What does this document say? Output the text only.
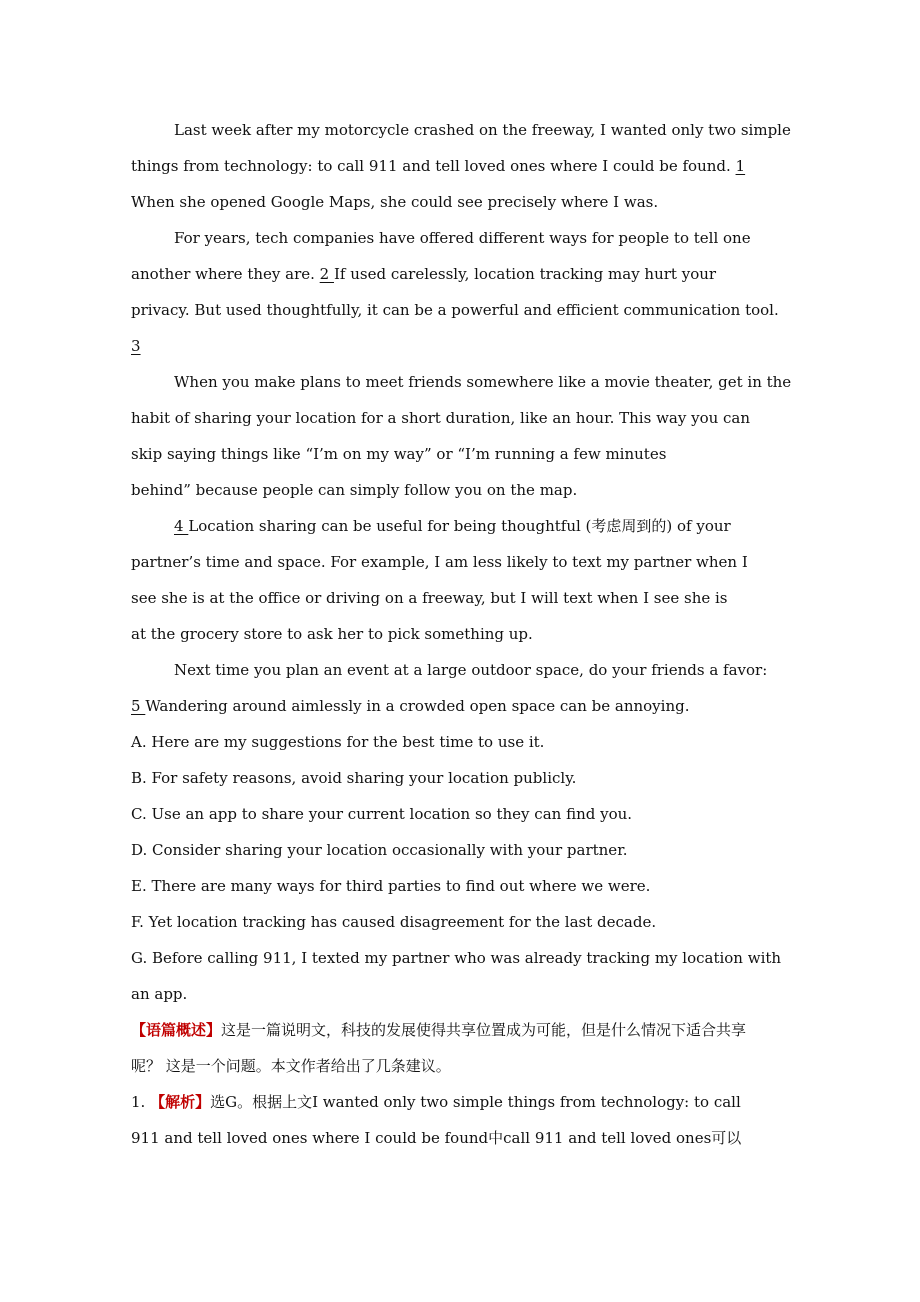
Last week after my motorcycle crashed on the freeway, I wanted only two simple
things from technology: to call 911 and tell loved ones where I could be found. 1
When she opened Google Maps, she could see precisely where I was.
For years, tech companies have offered different ways for people to tell one
another where they are. 2 If used carelessly, location tracking may hurt your
privacy. But used thoughtfully, it can be a powerful and efficient communication tool.
3
When you make plans to meet friends somewhere like a movie theater, get in the
habit of sharing your location for a short duration, like an hour. This way you can
skip saying things like “I’m on my way” or “I’m running a few minutes
behind” because people can simply follow you on the map.
4 Location sharing can be useful for being thoughtful (考虑周到的) of your
partner’s time and space. For example, I am less likely to text my partner when I
see she is at the office or driving on a freeway, but I will text when I see she is
at the grocery store to ask her to pick something up.
Next time you plan an event at a large outdoor space, do your friends a favor:
5 Wandering around aimlessly in a crowded open space can be annoying.
A. Here are my suggestions for the best time to use it.
B. For safety reasons, avoid sharing your location publicly.
C. Use an app to share your current location so they can find you.
D. Consider sharing your location occasionally with your partner.
E. There are many ways for third parties to find out where we were.
F. Yet location tracking has caused disagreement for the last decade.
G. Before calling 911, I texted my partner who was already tracking my location with
an app.
【语篇概述】这是一篇说明文，科技的发展使得共享位置成为可能，但是什么情况下适合共享
呢？ 这是一个问题。本文作者给出了几条建议。
1. 【解析】选G。根据上文I wanted only two simple things from technology: to call
911 and tell loved ones where I could be found中call 911 and tell loved ones可以
